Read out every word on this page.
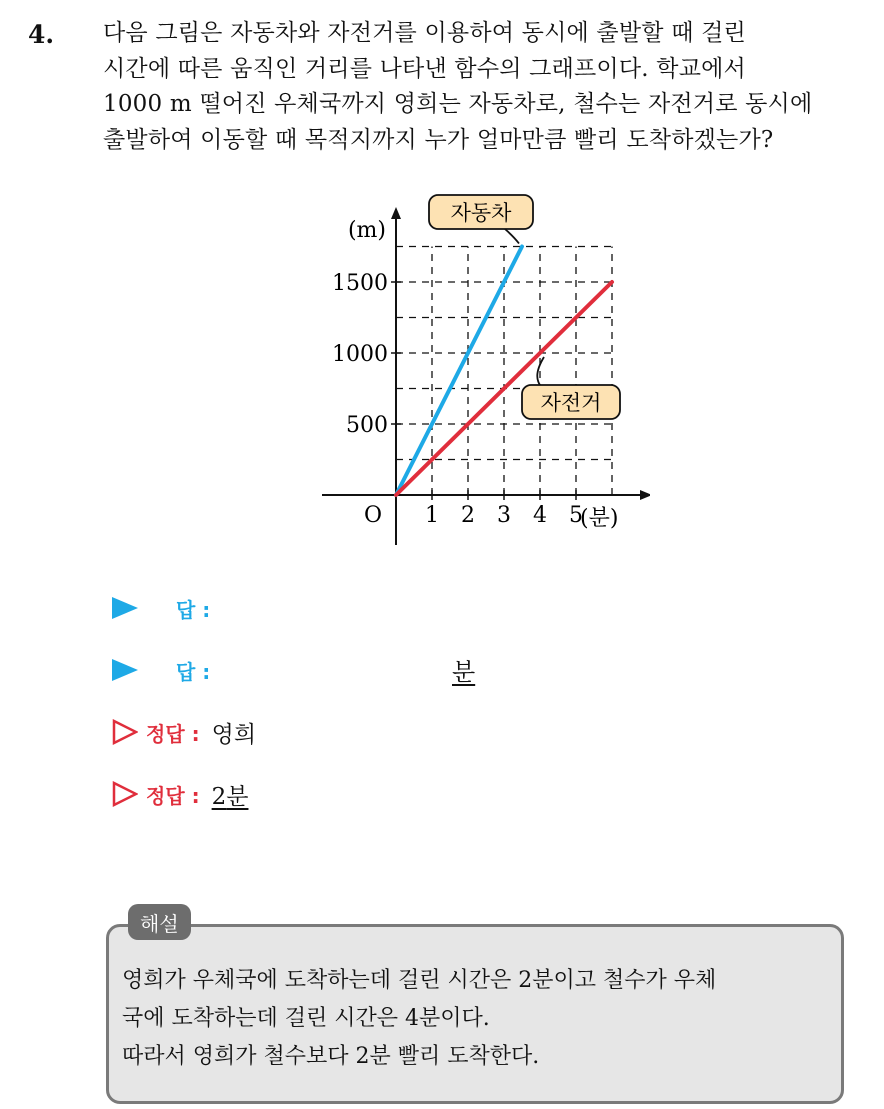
4. 다음 그림은 자동차와 자전거를 이용하여 동시에 출발할 때 걸린
시간에 따른 움직인 거리를 나타낸 함수의 그래프이다. 학교에서
1000 m 떨어진 우체국까지 영희는 자동차로, 철수는 자전거로 동시에
출발하여 이동할 때 목적지까지 누가 얼마만큼 빨리 도착하겠는가?
1 2 3 4 5
500
1000
1500
O
(m)
(분)
자동차
자전거
답 :
답 :	분
정답 : 영희
정답 : 2분
해설
영희가 우체국에 도착하는데 걸린 시간은 2분이고 철수가 우체
국에 도착하는데 걸린 시간은 4분이다.
따라서 영희가 철수보다 2분 빨리 도착한다.
